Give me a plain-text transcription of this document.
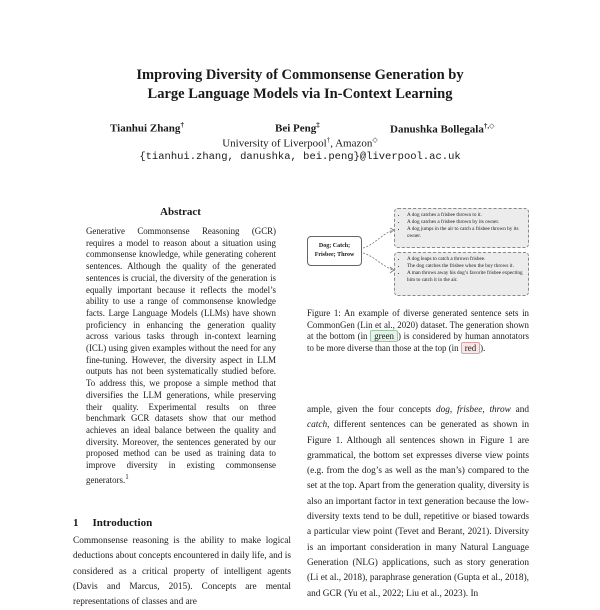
Improving Diversity of Commonsense Generation by
Large Language Models via In-Context Learning
Tianhui Zhang†	Bei Peng‡	Danushka Bollegala†,◇
University of Liverpool†, Amazon◇
{tianhui.zhang, danushka, bei.peng}@liverpool.ac.uk
Abstract
Generative Commonsense Reasoning (GCR) requires a model to reason about a situation using commonsense knowledge, while generating coherent sentences. Although the quality of the generated sentences is crucial, the diversity of the generation is equally important because it reflects the model’s ability to use a range of commonsense knowledge facts. Large Language Models (LLMs) have shown proficiency in enhancing the generation quality across various tasks through in-context learning (ICL) using given examples without the need for any fine-tuning. However, the diversity aspect in LLM outputs has not been systematically studied before. To address this, we propose a simple method that diversifies the LLM generations, while preserving their quality. Experimental results on three benchmark GCR datasets show that our method achieves an ideal balance between the quality and diversity. Moreover, the sentences generated by our proposed method can be used as training data to improve diversity in existing commonsense generators.$^1$
1 Introduction
Commonsense reasoning is the ability to make logical deductions about concepts encountered in daily life, and is considered as a critical property of intelligent agents (Davis and Marcus, 2015). Concepts are mental representations of classes and are
Dog; Catch;
Frisbee; Throw
• A dog catches a frisbee thrown to it.
• A dog catches a frisbee thrown by its owner.
• A dog jumps in the air to catch a frisbee thrown by its owner.
• A dog leaps to catch a thrown frisbee.
• The dog catches the frisbee when the boy throws it.
• A man throws away his dog’s favorite frisbee expecting him to catch it in the air.
Figure 1: An example of diverse generated sentence sets in CommonGen (Lin et al., 2020) dataset. The generation shown at the bottom (in green ) is considered by human annotators to be more diverse than those at the top (in red ).
ample, given the four concepts dog, frisbee, throw and catch, different sentences can be generated as shown in Figure 1. Although all sentences shown in Figure 1 are grammatical, the bottom set expresses diverse view points (e.g. from the dog’s as well as the man’s) compared to the set at the top. Apart from the generation quality, diversity is also an important factor in text generation because the low-diversity texts tend to be dull, repetitive or biased towards a particular view point (Tevet and Berant, 2021). Diversity is an important consideration in many Natural Language Generation (NLG) applications, such as story generation (Li et al., 2018), paraphrase generation (Gupta et al., 2018), and GCR (Yu et al., 2022; Liu et al., 2023). In
